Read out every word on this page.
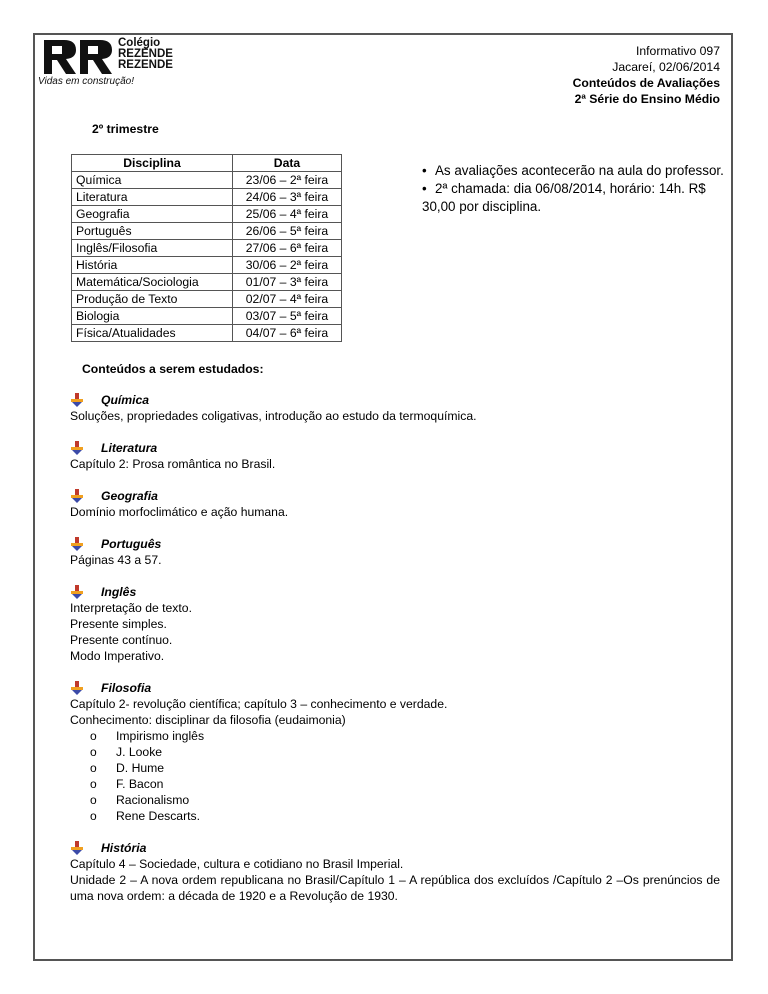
Colégio
REZENDE
REZENDE
Vidas em construção!
Informativo 097
Jacareí, 02/06/2014
Conteúdos de Avaliações
2ª Série do Ensino Médio
2º trimestre
Disciplina	Data
Química	23/06 – 2ª feira
Literatura	24/06 – 3ª feira
Geografia	25/06 – 4ª feira
Português	26/06 – 5ª feira
Inglês/Filosofia	27/06 – 6ª feira
História	30/06 – 2ª feira
Matemática/Sociologia	01/07 – 3ª feira
Produção de Texto	02/07 – 4ª feira
Biologia	03/07 – 5ª feira
Física/Atualidades	04/07 – 6ª feira
• As avaliações acontecerão na aula do professor.
• 2ª chamada: dia 06/08/2014, horário: 14h. R$ 30,00 por disciplina.
Conteúdos a serem estudados:
Química
Soluções, propriedades coligativas, introdução ao estudo da termoquímica.
Literatura
Capítulo 2: Prosa romântica no Brasil.
Geografia
Domínio morfoclimático e ação humana.
Português
Páginas 43 a 57.
Inglês
Interpretação de texto.
Presente simples.
Presente contínuo.
Modo Imperativo.
Filosofia
Capítulo 2- revolução científica; capítulo 3 – conhecimento e verdade.
Conhecimento: disciplinar da filosofia (eudaimonia)
o Impirismo inglês
o J. Looke
o D. Hume
o F. Bacon
o Racionalismo
o Rene Descarts.
História
Capítulo 4 – Sociedade, cultura e cotidiano no Brasil Imperial.
Unidade 2 – A nova ordem republicana no Brasil/Capítulo 1 – A república dos excluídos /Capítulo 2 –Os prenúncios de uma nova ordem: a década de 1920 e a Revolução de 1930.
